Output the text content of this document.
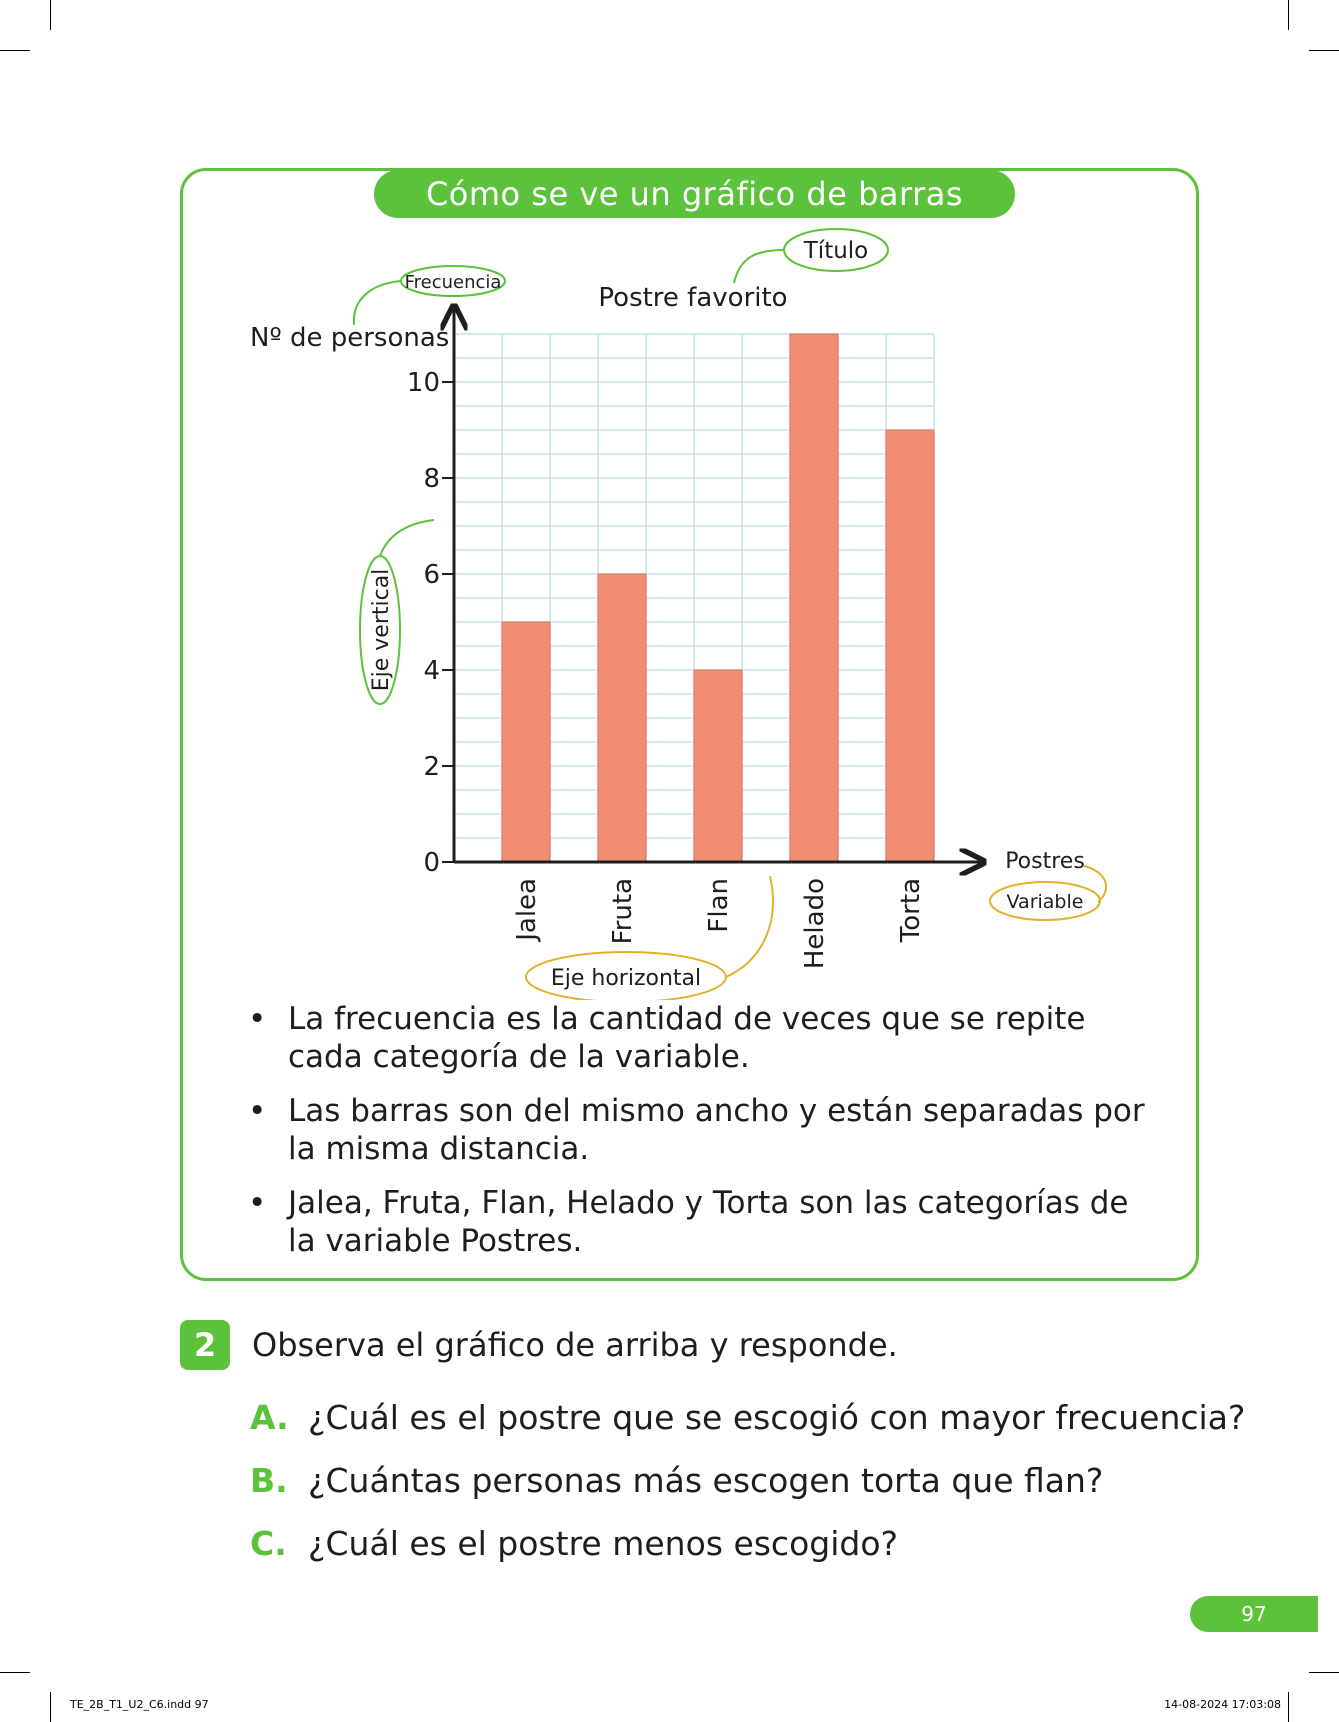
Cómo se ve un gráfico de barras
Jalea	Fruta	Flan	Helado	Torta
0
2
4
6
8
10
Título
Postre favorito
Frecuencia
Nº de personas
Eje vertical
Postres
Variable
Eje horizontal
• La frecuencia es la cantidad de veces que se repite cada categoría de la variable.
• Las barras son del mismo ancho y están separadas por la misma distancia.
• Jalea, Fruta, Flan, Helado y Torta son las categorías de la variable Postres.
2	Observa el gráfico de arriba y responde.
A. ¿Cuál es el postre que se escogió con mayor frecuencia?
B. ¿Cuántas personas más escogen torta que flan?
C. ¿Cuál es el postre menos escogido?
97
TE_2B_T1_U2_C6.indd 97	14-08-2024 17:03:08
